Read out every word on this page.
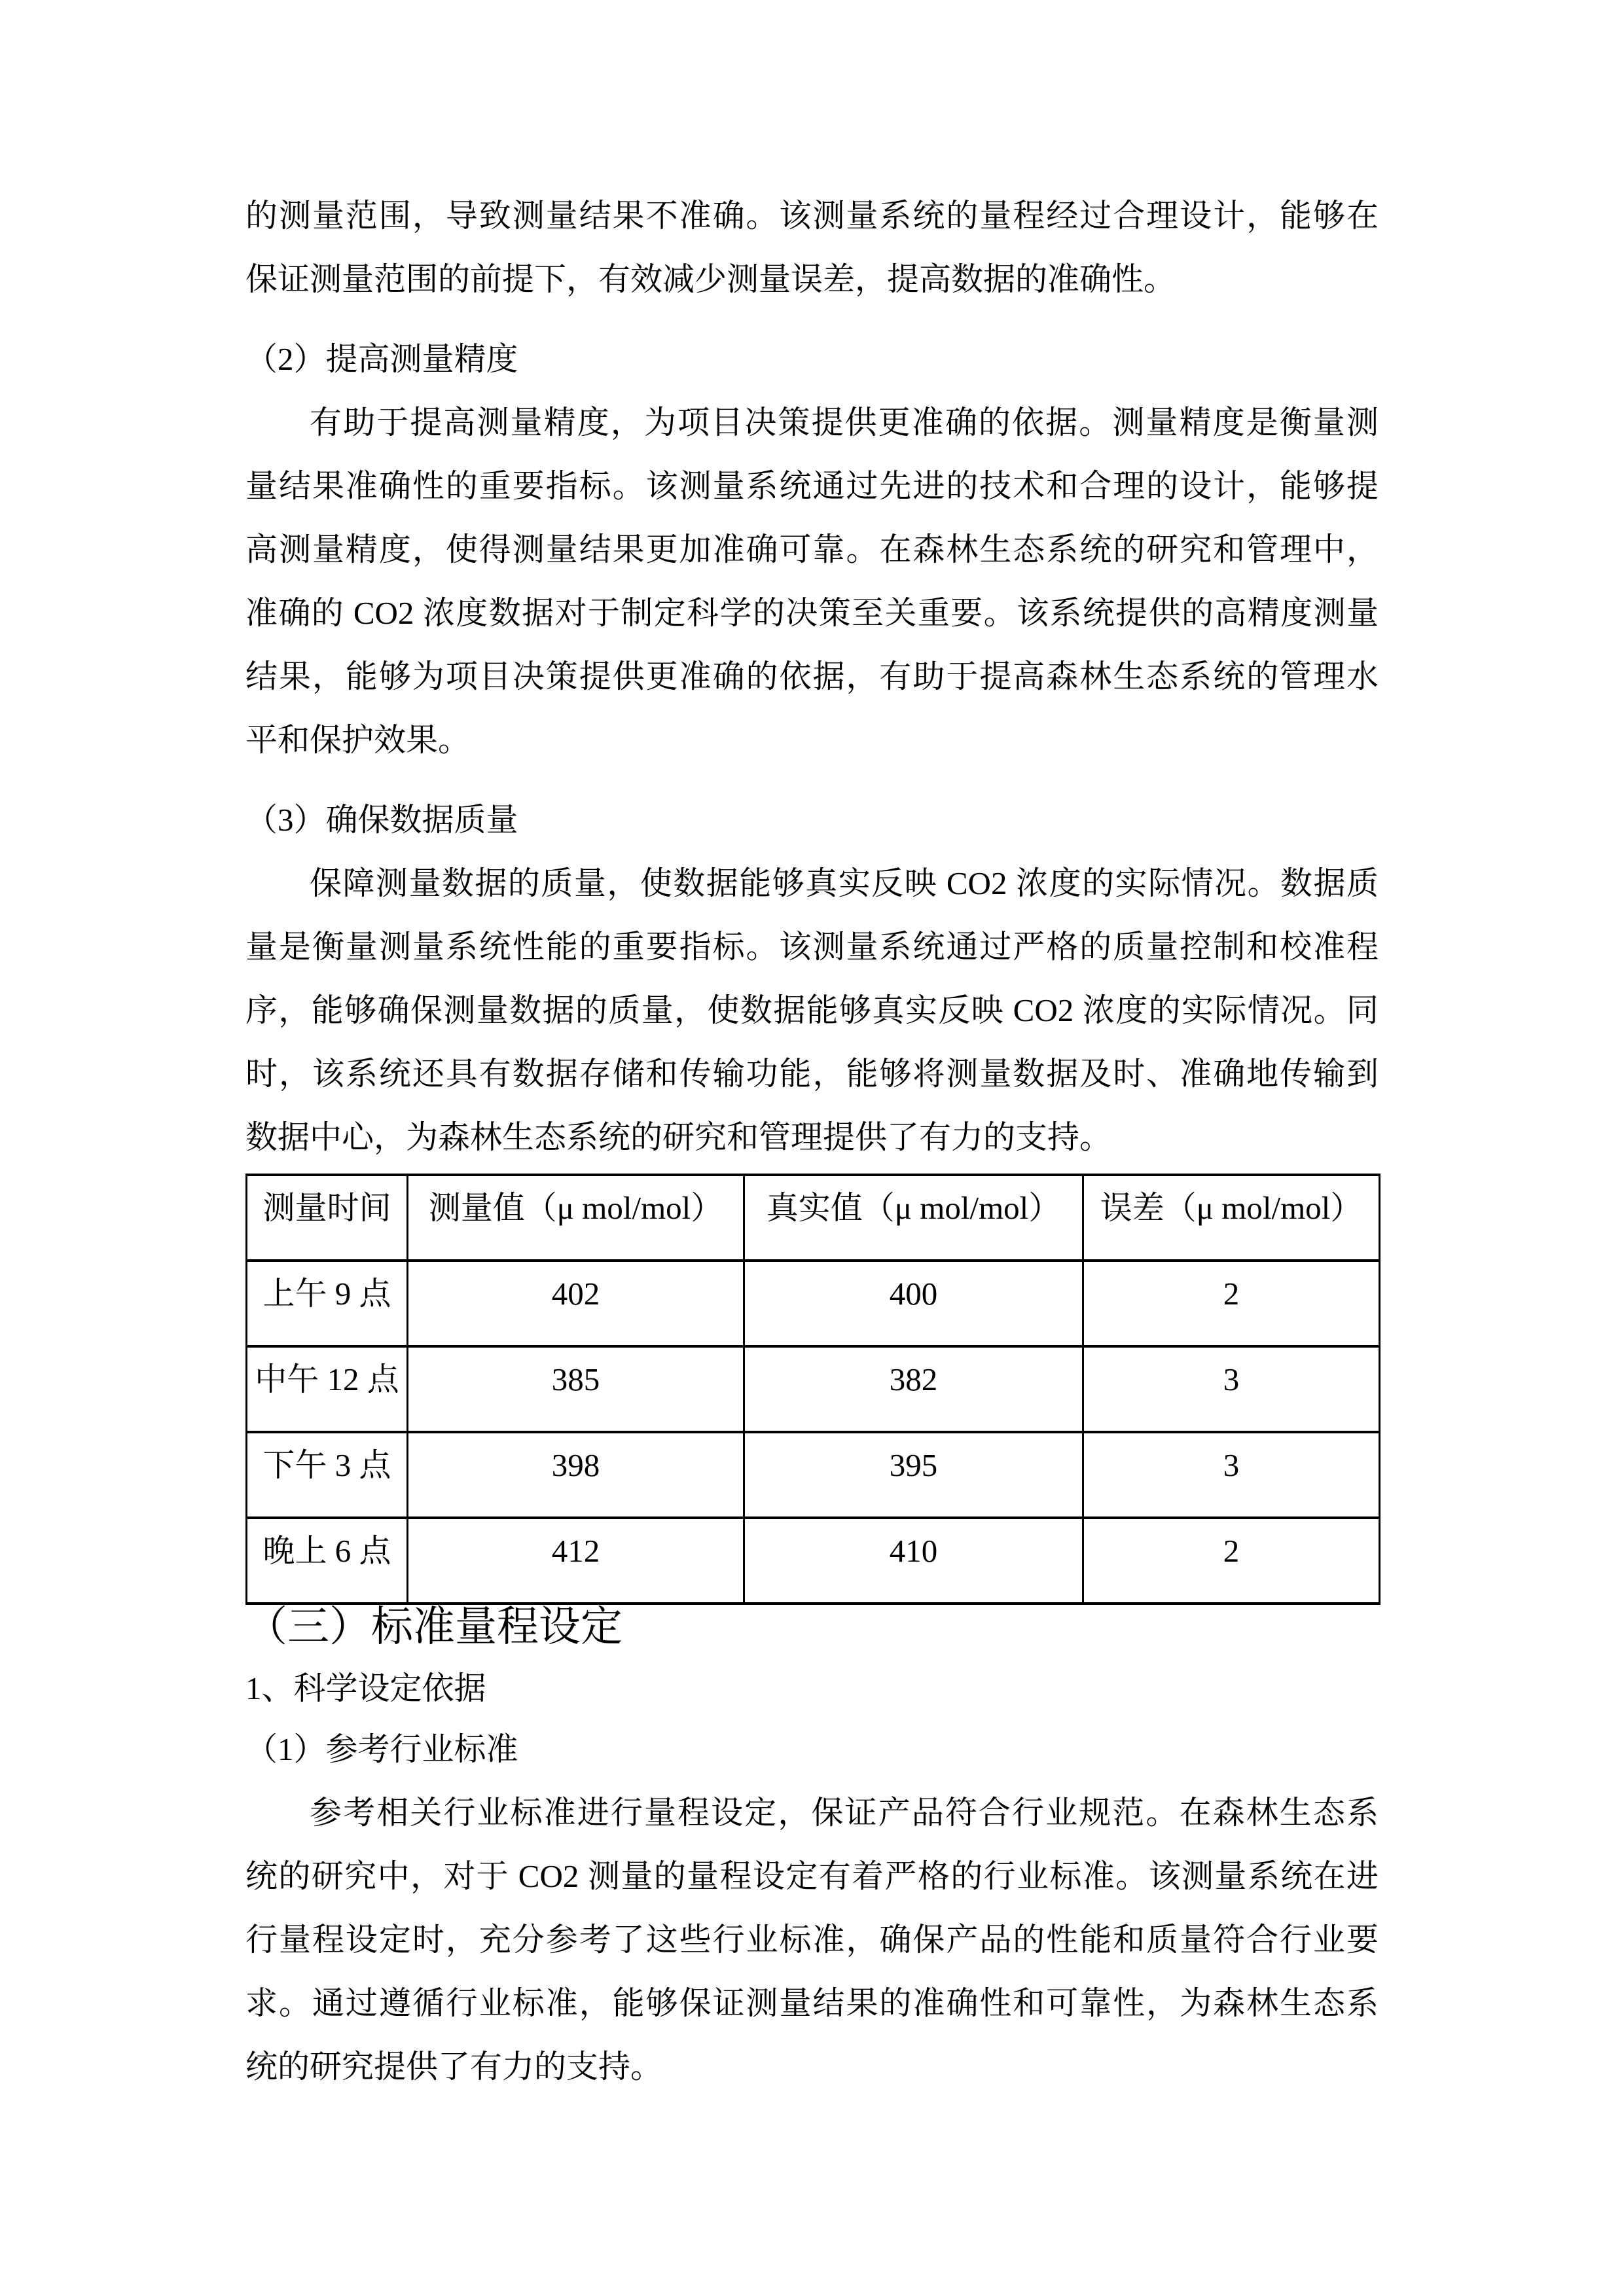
的测量范围，导致测量结果不准确。该测量系统的量程经过合理设计，能够在
保证测量范围的前提下，有效减少测量误差，提高数据的准确性。
（2）提高测量精度
有助于提高测量精度，为项目决策提供更准确的依据。测量精度是衡量测
量结果准确性的重要指标。该测量系统通过先进的技术和合理的设计，能够提
高测量精度，使得测量结果更加准确可靠。在森林生态系统的研究和管理中，
准确的 CO2 浓度数据对于制定科学的决策至关重要。该系统提供的高精度测量
结果，能够为项目决策提供更准确的依据，有助于提高森林生态系统的管理水
平和保护效果。
（3）确保数据质量
保障测量数据的质量，使数据能够真实反映 CO2 浓度的实际情况。数据质
量是衡量测量系统性能的重要指标。该测量系统通过严格的质量控制和校准程
序，能够确保测量数据的质量，使数据能够真实反映 CO2 浓度的实际情况。同
时，该系统还具有数据存储和传输功能，能够将测量数据及时、准确地传输到
数据中心，为森林生态系统的研究和管理提供了有力的支持。
测量时间	测量值（μ mol/mol）	真实值（μ mol/mol）	误差（μ mol/mol）
上午 9 点	402	400	2
中午 12 点	385	382	3
下午 3 点	398	395	3
晚上 6 点	412	410	2
（三）标准量程设定
1、科学设定依据
（1）参考行业标准
参考相关行业标准进行量程设定，保证产品符合行业规范。在森林生态系
统的研究中，对于 CO2 测量的量程设定有着严格的行业标准。该测量系统在进
行量程设定时，充分参考了这些行业标准，确保产品的性能和质量符合行业要
求。通过遵循行业标准，能够保证测量结果的准确性和可靠性，为森林生态系
统的研究提供了有力的支持。
